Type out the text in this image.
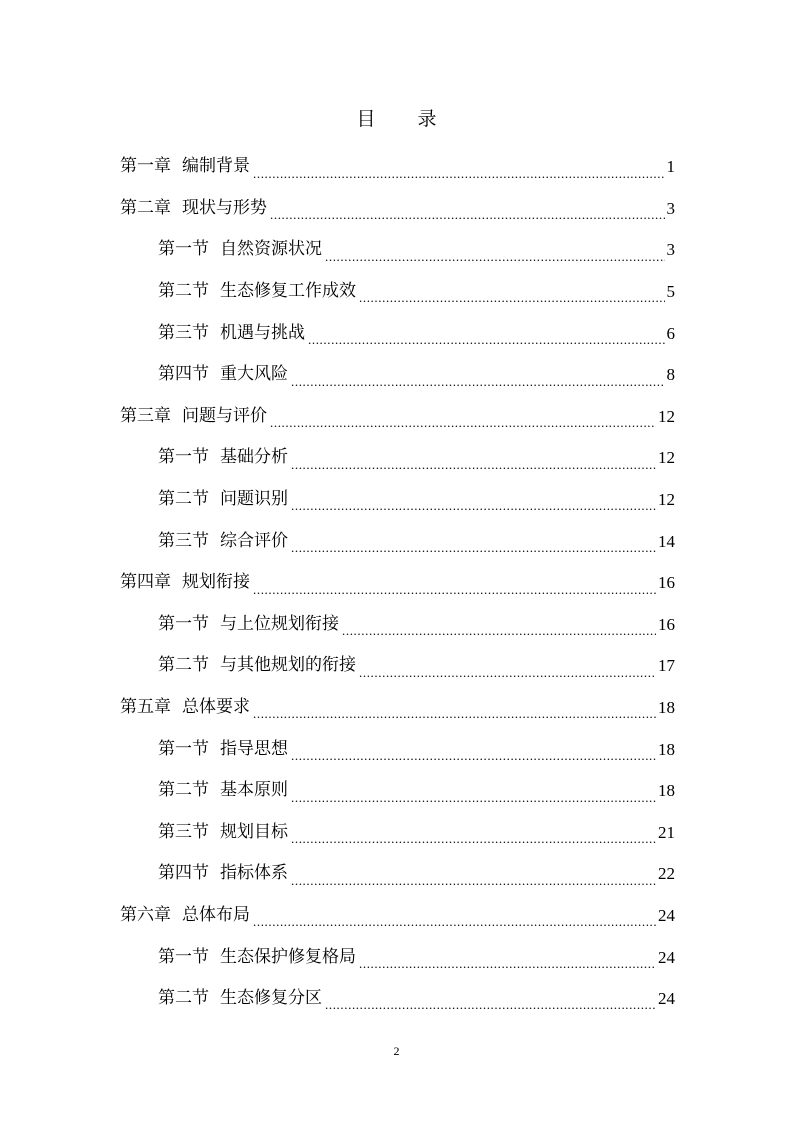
目 录
第一章 编制背景 .....	1
第二章 现状与形势 .....	3
第一节 自然资源状况 .....	3
第二节 生态修复工作成效 .....	5
第三节 机遇与挑战 .....	6
第四节 重大风险 .....	8
第三章 问题与评价 .....	12
第一节 基础分析 .....	12
第二节 问题识别 .....	12
第三节 综合评价 .....	14
第四章 规划衔接 .....	16
第一节 与上位规划衔接 .....	16
第二节 与其他规划的衔接 .....	17
第五章 总体要求 .....	18
第一节 指导思想 .....	18
第二节 基本原则 .....	18
第三节 规划目标 .....	21
第四节 指标体系 .....	22
第六章 总体布局 .....	24
第一节 生态保护修复格局 .....	24
第二节 生态修复分区 .....	24
2
